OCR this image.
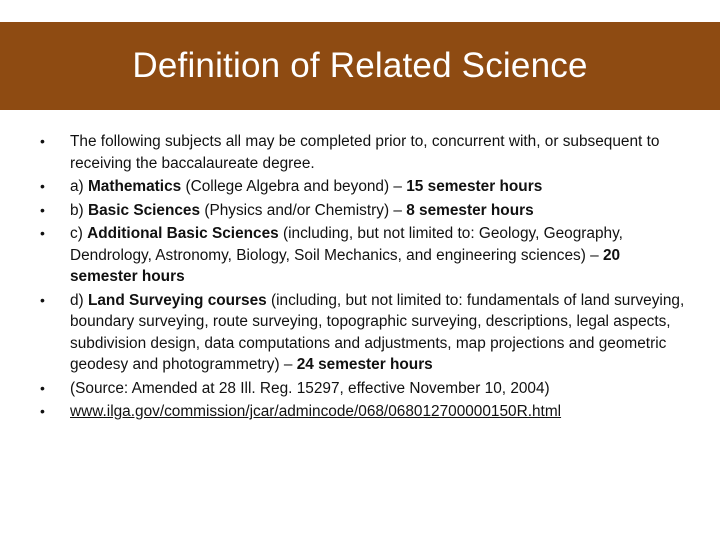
Definition of Related Science
• The following subjects all may be completed prior to, concurrent with, or subsequent to receiving the baccalaureate degree.
• a) Mathematics (College Algebra and beyond) – 15 semester hours
• b) Basic Sciences (Physics and/or Chemistry) – 8 semester hours
• c) Additional Basic Sciences (including, but not limited to: Geology, Geography, Dendrology, Astronomy, Biology, Soil Mechanics, and engineering sciences) – 20 semester hours
• d) Land Surveying courses (including, but not limited to: fundamentals of land surveying, boundary surveying, route surveying, topographic surveying, descriptions, legal aspects, subdivision design, data computations and adjustments, map projections and geometric geodesy and photogrammetry) – 24 semester hours
• (Source: Amended at 28 Ill. Reg. 15297, effective November 10, 2004)
• www.ilga.gov/commission/jcar/admincode/068/068012700000150R.html
